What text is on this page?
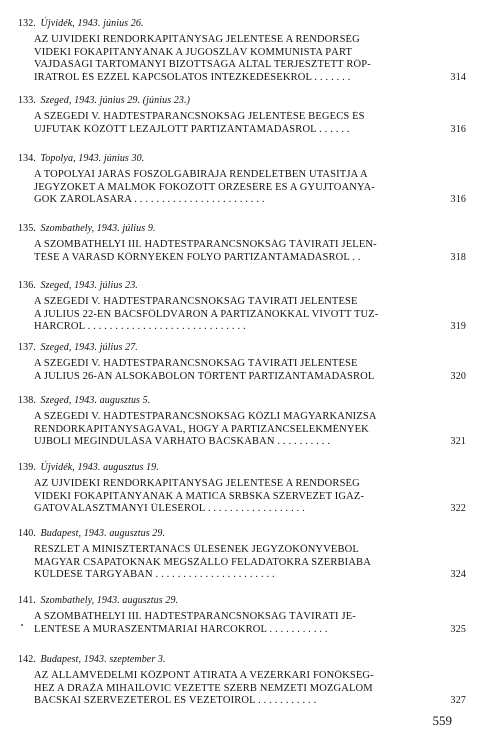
132. Újvidék, 1943. június 26.
AZ ÚJVIDÉKI RENDŐRKAPITÁNYSÁG JELENTÉSE A RENDŐRSÉG
VIDÉKI FŐKAPITÁNYÁNAK A JUGOSZLÁV KOMMUNISTA PÁRT
VAJDASÁGI TARTOMÁNYI BIZOTTSÁGA ÁLTAL TERJESZTETT RÖP-
IRATRÓL ÉS EZZEL KAPCSOLATOS INTÉZKEDÉSEKRŐL . . . . . . .	314
133. Szeged, 1943. június 29. (június 23.)
A SZEGEDI V. HADTESTPARANCSNOKSÁG JELENTÉSE BEGECS ÉS
ÚJFUTAK KÖZÖTT LEZAJLOTT PARTIZÁNTÁMADÁSRÓL . . . . . .	316
134. Topolya, 1943. június 30.
A TOPOLYAI JÁRÁS FŐSZOLGABÍRÁJA RENDELETBEN UTASÍTJA A
JEGYZŐKET A MALMOK FOKOZOTT ŐRZÉSÉRE ÉS A GYÚJTÓANYA-
GOK ZÁROLÁSÁRA . . . . . . . . . . . . . . . . . . . . . . . .	316
135. Szombathely, 1943. július 9.
A SZOMBATHELYI III. HADTESTPARANCSNOKSÁG TÁVIRATI JELEN-
TÉSE A VARASD KÖRNYÉKÉN FOLYÓ PARTIZÁNTÁMADÁSRÓL . .	318
136. Szeged, 1943. július 23.
A SZEGEDI V. HADTESTPARANCSNOKSÁG TÁVIRATI JELENTÉSE
A JÚLIUS 22-ÉN BÁCSFÖLDVÁRON A PARTIZÁNOKKAL VÍVOTT TŰZ-
HARCRÓL . . . . . . . . . . . . . . . . . . . . . . . . . . . . .	319
137. Szeged, 1943. július 27.
A SZEGEDI V. HADTESTPARANCSNOKSÁG TÁVIRATI JELENTÉSE
A JÚLIUS 26-ÁN ALSÓKABOLON TÖRTÉNT PARTIZÁNTÁMADÁSRÓL	320
138. Szeged, 1943. augusztus 5.
A SZEGEDI V. HADTESTPARANCSNOKSÁG KÖZLI MAGYARKANIZSA
RENDŐRKAPITÁNYSÁGÁVAL, HOGY A PARTIZÁNCSELEKMÉNYEK
ÚJBÓLI MEGINDULÁSA VÁRHATÓ BÁCSKÁBAN . . . . . . . . . .	321
139. Újvidék, 1943. augusztus 19.
AZ ÚJVIDÉKI RENDŐRKAPITÁNYSÁG JELENTÉSE A RENDŐRSÉG
VIDÉKI FŐKAPITÁNYÁNAK A MATICA SRBSKA SZERVEZET IGAZ-
GATÓVÁLASZTMÁNYI ÜLÉSÉRŐL . . . . . . . . . . . . . . . . . .	322
140. Budapest, 1943. augusztus 29.
RÉSZLET A MINISZTERTANÁCS ÜLÉSÉNEK JEGYZŐKÖNYVÉBŐL
MAGYAR CSAPATOKNAK MEGSZÁLLÓ FELADATOKRA SZERBIÁBA
KÜLDÉSE TÁRGYÁBAN . . . . . . . . . . . . . . . . . . . . . .	324
141. Szombathely, 1943. augusztus 29.
A SZOMBATHELYI III. HADTESTPARANCSNOKSÁG TÁVIRATI JE-
LENTÉSE A MURASZENTMÁRIAI HARCOKRÓL . . . . . . . . . . .	325
142. Budapest, 1943. szeptember 3.
AZ ÁLLAMVÉDELMI KÖZPONT ÁTIRATA A VEZÉRKARI FŐNÖKSÉG-
HEZ A DRAŽA MIHAILOVIĆ VEZETTE SZERB NEMZETI MOZGALOM
BÁCSKAI SZERVEZETÉRŐL ÉS VEZETŐIRŐL . . . . . . . . . . .	327
559
